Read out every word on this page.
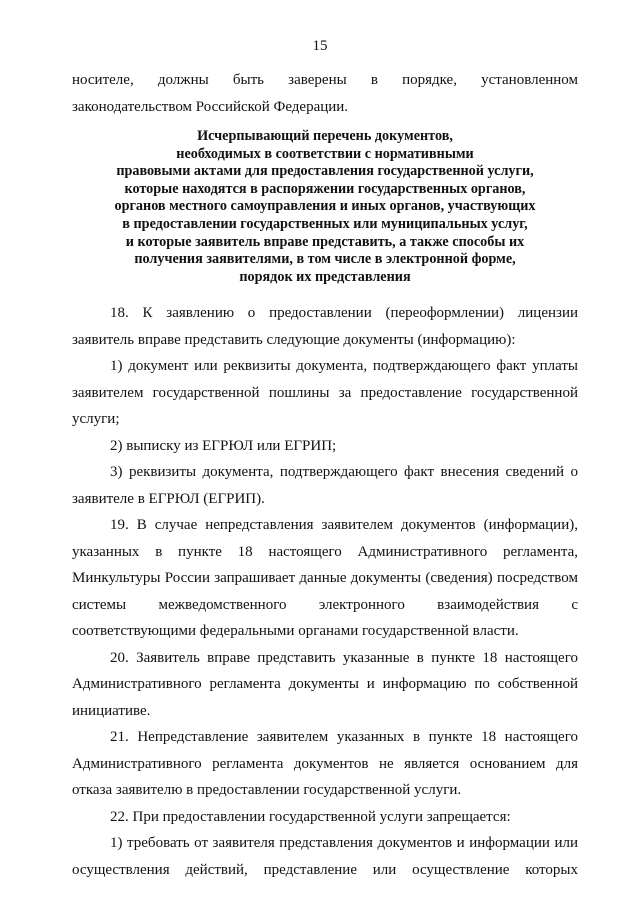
15

носителе, должны быть заверены в порядке, установленном

законодательством Российской Федерации.

Исчерпывающий перечень документов,
необходимых в соответствии с нормативными
правовыми актами для предоставления государственной услуги,
которые находятся в распоряжении государственных органов,
органов местного самоуправления и иных органов, участвующих
в предоставлении государственных или муниципальных услуг,
и которые заявитель вправе представить, а также способы их
получения заявителями, в том числе в электронной форме,
порядок их представления

18. К заявлению о предоставлении (переоформлении) лицензии заявитель вправе представить следующие документы (информацию):

1) документ или реквизиты документа, подтверждающего факт уплаты заявителем государственной пошлины за предоставление государственной услуги;

2) выписку из ЕГРЮЛ или ЕГРИП;

3) реквизиты документа, подтверждающего факт внесения сведений о заявителе в ЕГРЮЛ (ЕГРИП).

19. В случае непредставления заявителем документов (информации), указанных в пункте 18 настоящего Административного регламента, Минкультуры России запрашивает данные документы (сведения) посредством системы межведомственного электронного взаимодействия с соответствующими федеральными органами государственной власти.

20. Заявитель вправе представить указанные в пункте 18 настоящего Административного регламента документы и информацию по собственной инициативе.

21. Непредставление заявителем указанных в пункте 18 настоящего Административного регламента документов не является основанием для отказа заявителю в предоставлении государственной услуги.

22. При предоставлении государственной услуги запрещается:

1) требовать от заявителя представления документов и информации или осуществления действий, представление или осуществление которых
